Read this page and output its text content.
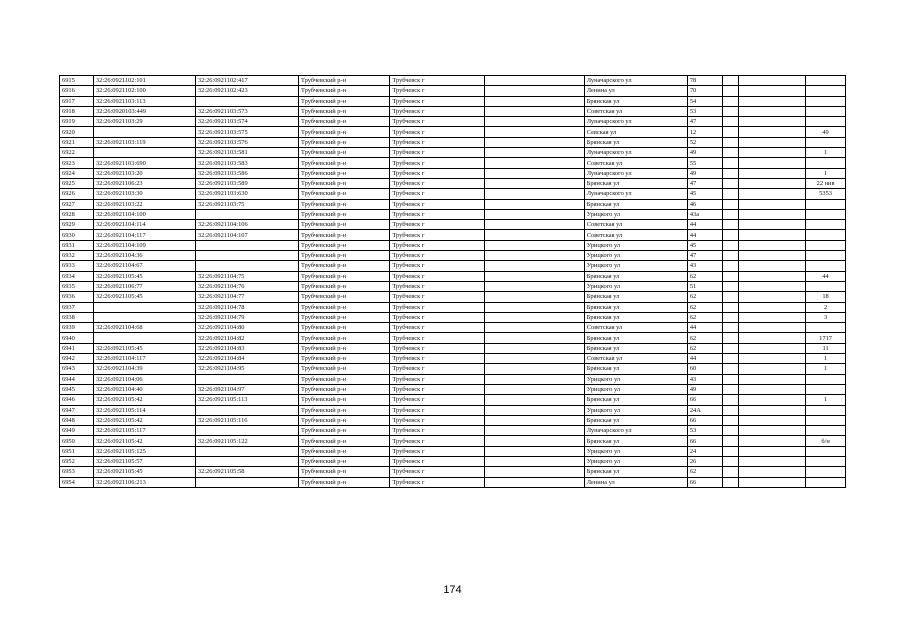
6915	32:26:0921102:101	32:26:0921102:417	Трубчевский р-н	Трубчевск г		Луначарского ул	78			
6916	32:26:0921102:100	32:26:0921102:423	Трубчевский р-н	Трубчевск г		Ленина ул	70			
6917	32:26:0921103:113		Трубчевский р-н	Трубчевск г		Брянская ул	54			
6918	32:26:0920103:449	32:26:0921103:573	Трубчевский р-н	Трубчевск г		Советская ул	53			
6919	32:26:0921103:29	32:26:0921103:574	Трубчевский р-н	Трубчевск г		Луначарского ул	47			
6920		32:26:0921103:575	Трубчевский р-н	Трубчевск г		Севская ул	12			49
6921	32:26:0921103:119	32:26:0921103:576	Трубчевский р-н	Трубчевск г		Брянская ул	52			
6922		32:26:0921103:581	Трубчевский р-н	Трубчевск г		Луначарского ул	49			1
6923	32:26:0921103:690	32:26:0921103:583	Трубчевский р-н	Трубчевск г		Советская ул	55			
6924	32:26:0921103:20	32:26:0921103:586	Трубчевский р-н	Трубчевск г		Луначарского ул	49			1
6925	32:26:0921106:23	32:26:0921103:589	Трубчевский р-н	Трубчевск г		Брянская ул	47			22 нив
6926	32:26:0921103:30	32:26:0921103:630	Трубчевский р-н	Трубчевск г		Луначарского ул	45			5353
6927	32:26:0921103:22	32:26:0921103:75	Трубчевский р-н	Трубчевск г		Брянская ул	46			
6928	32:26:0921104:100		Трубчевский р-н	Трубчевск г		Урицкого ул	43а			
6929	32:26:0921104:114	32:26:0921104:106	Трубчевский р-н	Трубчевск г		Советская ул	44			
6930	32:26:0921104:117	32:26:0921104:107	Трубчевский р-н	Трубчевск г		Советская ул	44			
6931	32:26:0921104:109		Трубчевский р-н	Трубчевск г		Урицкого ул	45			
6932	32:26:0921104:36		Трубчевский р-н	Трубчевск г		Урицкого ул	47			
6933	32:26:0921104:67		Трубчевский р-н	Трубчевск г		Урицкого ул	43			
6934	32:26:0921105:45	32:26:0921104:75	Трубчевский р-н	Трубчевск г		Брянская ул	62			44
6935	32:26:0921106:77	32:26:0921104:76	Трубчевский р-н	Трубчевск г		Урицкого ул	51			
6936	32:26:0921105:45	32:26:0921104:77	Трубчевский р-н	Трубчевск г		Брянская ул	62			18
6937		32:26:0921104:78	Трубчевский р-н	Трубчевск г		Брянская ул	62			2
6938		32:26:0921104:79	Трубчевский р-н	Трубчевск г		Брянская ул	62			3
6939	32:26:0921104:68	32:26:0921104:80	Трубчевский р-н	Трубчевск г		Советская ул	44			
6940		32:26:0921104:82	Трубчевский р-н	Трубчевск г		Брянская ул	62			1717
6941	32:26:0921105:45	32:26:0921104:83	Трубчевский р-н	Трубчевск г		Брянская ул	62			11
6942	32:26:0921104:117	32:26:0921104:84	Трубчевский р-н	Трубчевск г		Советская ул	44			1
6943	32:26:0921104:39	32:26:0921104:95	Трубчевский р-н	Трубчевск г		Брянская ул	60			1
6944	32:26:0921104:06		Трубчевский р-н	Трубчевск г		Урицкого ул	43			
6945	32:26:0921104:40	32:26:0921104:97	Трубчевский р-н	Трубчевск г		Урицкого ул	49			
6946	32:26:0921105:42	32:26:0921105:113	Трубчевский р-н	Трубчевск г		Брянская ул	66			1
6947	32:26:0921105:114		Трубчевский р-н	Трубчевск г		Урицкого ул	24А			
6948	32:26:0921105:42	32:26:0921105:116	Трубчевский р-н	Трубчевск г		Брянская ул	66			
6949	32:26:0921105:117		Трубчевский р-н	Трубчевск г		Луначарского ул	53			
6950	32:26:0921105:42	32:26:0921105:122	Трубчевский р-н	Трубчевск г		Брянская ул	66			б/н
6951	32:26:0921105:125		Трубчевский р-н	Трубчевск г		Урицкого ул	24			
6952	32:26:0921105:57		Трубчевский р-н	Трубчевск г		Урицкого ул	26			
6953	32:26:0921105:45	32:26:0921105:58	Трубчевский р-н	Трубчевск г		Брянская ул	62			
6954	32:26:0921106:213		Трубчевский р-н	Трубчевск г		Ленина ул	66			
174
